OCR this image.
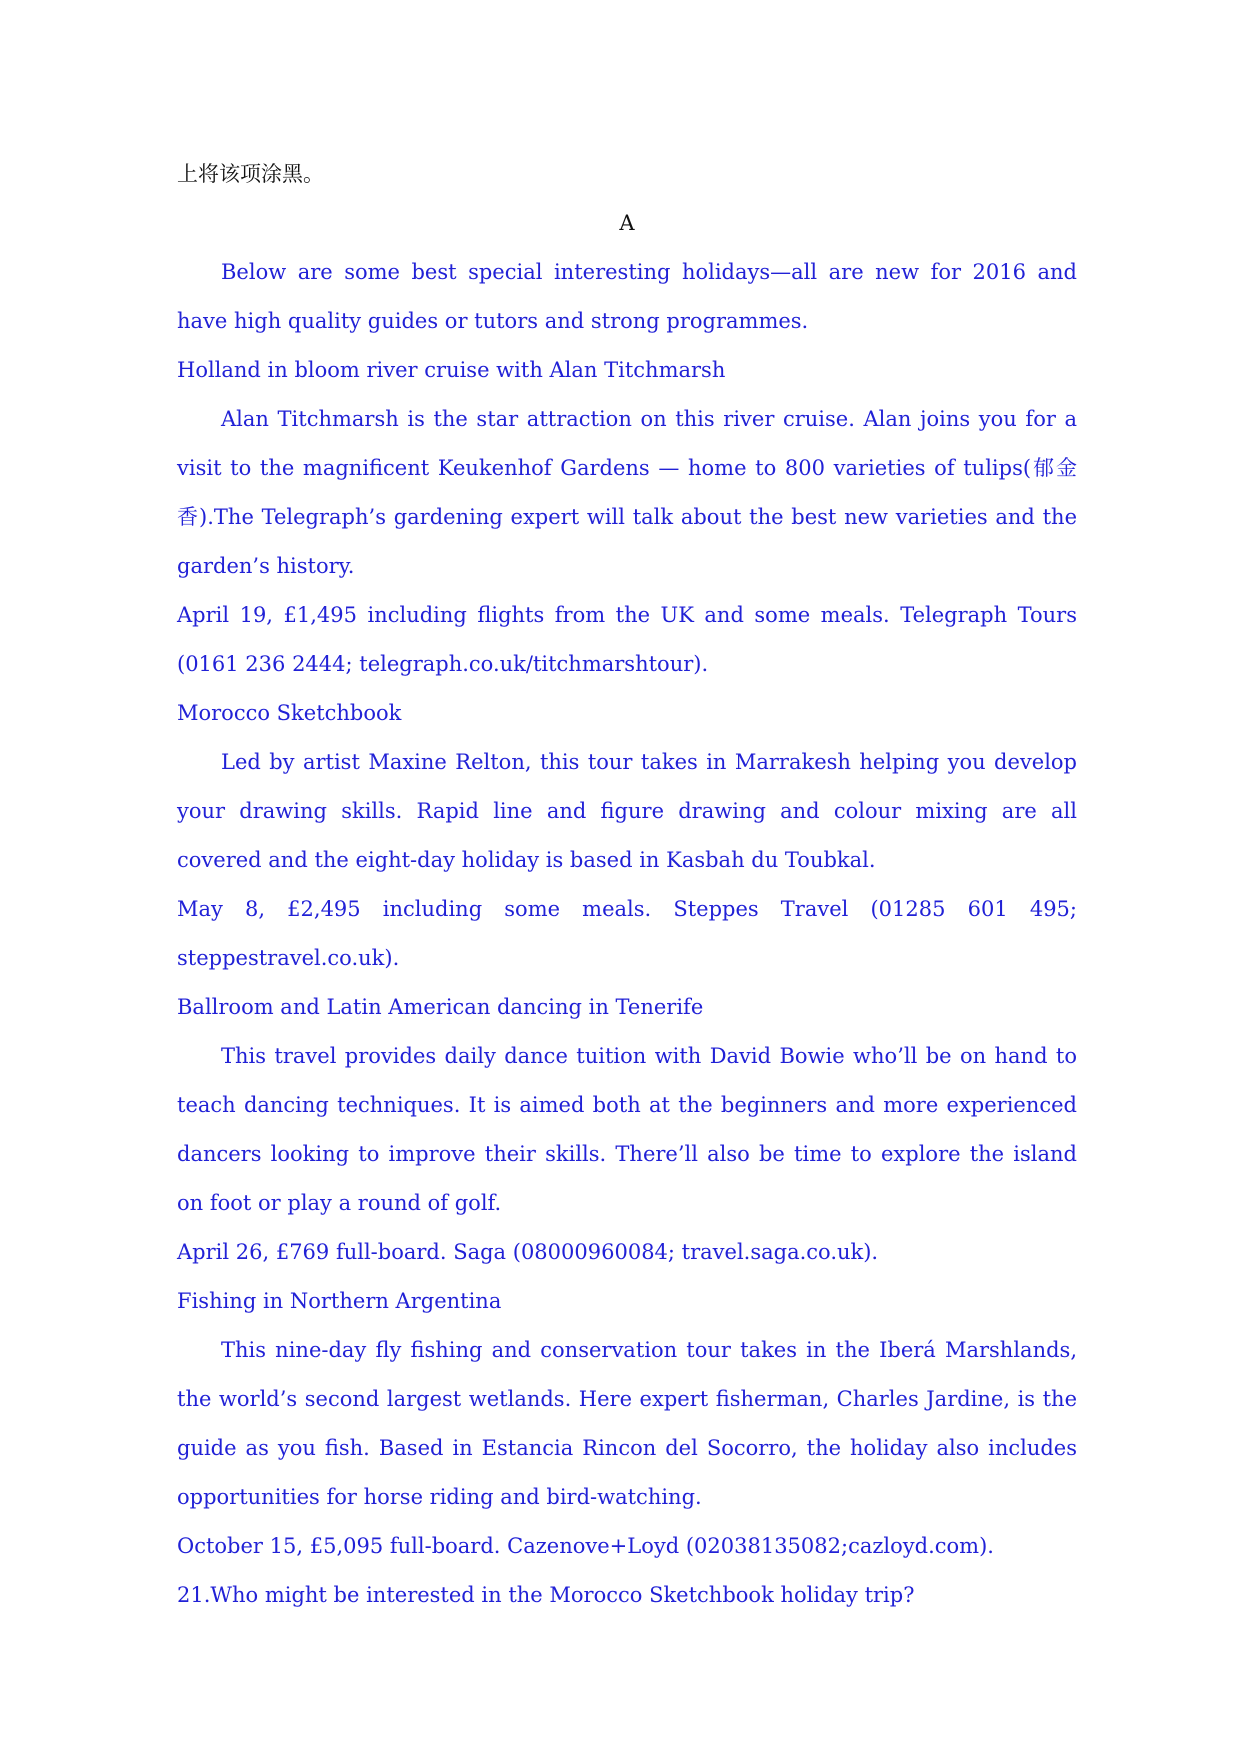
上将该项涂黑。

A

Below are some best special interesting holidays—all are new for 2016 and have high quality guides or tutors and strong programmes.

Holland in bloom river cruise with Alan Titchmarsh

Alan Titchmarsh is the star attraction on this river cruise. Alan joins you for a visit to the magnificent Keukenhof Gardens — home to 800 varieties of tulips(郁金香).The Telegraph’s gardening expert will talk about the best new varieties and the garden’s history.

April 19, £1,495 including flights from the UK and some meals. Telegraph Tours (0161 236 2444; telegraph.co.uk/titchmarshtour).

Morocco Sketchbook

Led by artist Maxine Relton, this tour takes in Marrakesh helping you develop your drawing skills. Rapid line and figure drawing and colour mixing are all covered and the eight-day holiday is based in Kasbah du Toubkal.

May 8, £2,495 including some meals. Steppes Travel (01285 601 495; steppestravel.co.uk).

Ballroom and Latin American dancing in Tenerife

This travel provides daily dance tuition with David Bowie who’ll be on hand to teach dancing techniques. It is aimed both at the beginners and more experienced dancers looking to improve their skills. There’ll also be time to explore the island on foot or play a round of golf.

April 26, £769 full-board. Saga (08000960084; travel.saga.co.uk).

Fishing in Northern Argentina

This nine-day fly fishing and conservation tour takes in the Iberá Marshlands, the world’s second largest wetlands. Here expert fisherman, Charles Jardine, is the guide as you fish. Based in Estancia Rincon del Socorro, the holiday also includes opportunities for horse riding and bird-watching.

October 15, £5,095 full-board. Cazenove+Loyd (02038135082;cazloyd.com).

21.Who might be interested in the Morocco Sketchbook holiday trip?
